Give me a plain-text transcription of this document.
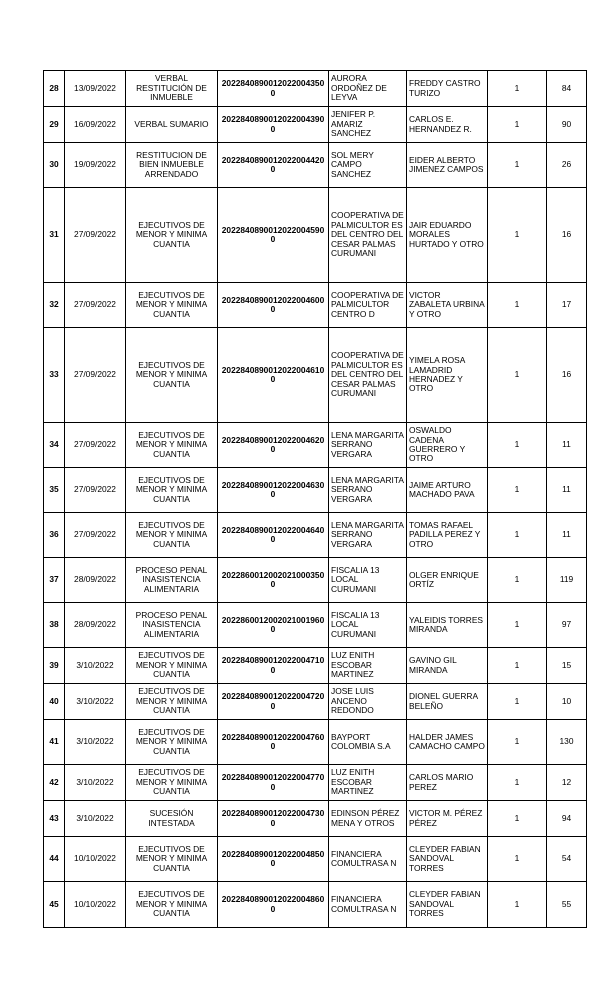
28	13/09/2022	VERBAL RESTITUCIÓN DE INMUEBLE	2022840890012022004350 0	AURORA ORDOÑEZ DE LEYVA	FREDDY CASTRO TURIZO	1	84
29	16/09/2022	VERBAL SUMARIO	2022840890012022004390 0	JENIFER P. AMARIZ SANCHEZ	CARLOS E. HERNANDEZ R.	1	90
30	19/09/2022	RESTITUCION DE BIEN INMUEBLE ARRENDADO	2022840890012022004420 0	SOL MERY CAMPO SANCHEZ	EIDER ALBERTO JIMENEZ CAMPOS	1	26
31	27/09/2022	EJECUTIVOS DE MENOR Y MINIMA CUANTIA	2022840890012022004590 0	COOPERATIVA DE PALMICULTOR ES DEL CENTRO DEL CESAR PALMAS CURUMANI	JAIR EDUARDO MORALES HURTADO Y OTRO	1	16
32	27/09/2022	EJECUTIVOS DE MENOR Y MINIMA CUANTIA	2022840890012022004600 0	COOPERATIVA DE PALMICULTOR CENTRO D	VICTOR ZABALETA URBINA Y OTRO	1	17
33	27/09/2022	EJECUTIVOS DE MENOR Y MINIMA CUANTIA	2022840890012022004610 0	COOPERATIVA DE PALMICULTOR ES DEL CENTRO DEL CESAR PALMAS CURUMANI	YIMELA ROSA LAMADRID HERNADEZ Y OTRO	1	16
34	27/09/2022	EJECUTIVOS DE MENOR Y MINIMA CUANTIA	2022840890012022004620 0	LENA MARGARITA SERRANO VERGARA	OSWALDO CADENA GUERRERO Y OTRO	1	11
35	27/09/2022	EJECUTIVOS DE MENOR Y MINIMA CUANTIA	2022840890012022004630 0	LENA MARGARITA SERRANO VERGARA	JAIME ARTURO MACHADO PAVA	1	11
36	27/09/2022	EJECUTIVOS DE MENOR Y MINIMA CUANTIA	2022840890012022004640 0	LENA MARGARITA SERRANO VERGARA	TOMAS RAFAEL PADILLA PEREZ Y OTRO	1	11
37	28/09/2022	PROCESO PENAL INASISTENCIA ALIMENTARIA	2022860012002021000350 0	FISCALIA 13 LOCAL CURUMANI	OLGER ENRIQUE ORTÍZ	1	119
38	28/09/2022	PROCESO PENAL INASISTENCIA ALIMENTARIA	2022860012002021001960 0	FISCALIA 13 LOCAL CURUMANI	YALEIDIS TORRES MIRANDA	1	97
39	3/10/2022	EJECUTIVOS DE MENOR Y MINIMA CUANTIA	2022840890012022004710 0	LUZ ENITH ESCOBAR MARTINEZ	GAVINO GIL MIRANDA	1	15
40	3/10/2022	EJECUTIVOS DE MENOR Y MINIMA CUANTIA	2022840890012022004720 0	JOSE LUIS ANCENO REDONDO	DIONEL GUERRA BELEÑO	1	10
41	3/10/2022	EJECUTIVOS DE MENOR Y MINIMA CUANTIA	2022840890012022004760 0	BAYPORT COLOMBIA S.A	HALDER JAMES CAMACHO CAMPO	1	130
42	3/10/2022	EJECUTIVOS DE MENOR Y MINIMA CUANTIA	2022840890012022004770 0	LUZ ENITH ESCOBAR MARTINEZ	CARLOS MARIO PEREZ	1	12
43	3/10/2022	SUCESIÓN INTESTADA	2022840890012022004730 0	EDINSON PÉREZ MENA Y OTROS	VICTOR M. PÉREZ PÉREZ	1	94
44	10/10/2022	EJECUTIVOS DE MENOR Y MINIMA CUANTIA	2022840890012022004850 0	FINANCIERA COMULTRASA N	CLEYDER FABIAN SANDOVAL TORRES	1	54
45	10/10/2022	EJECUTIVOS DE MENOR Y MINIMA CUANTIA	2022840890012022004860 0	FINANCIERA COMULTRASA N	CLEYDER FABIAN SANDOVAL TORRES	1	55
